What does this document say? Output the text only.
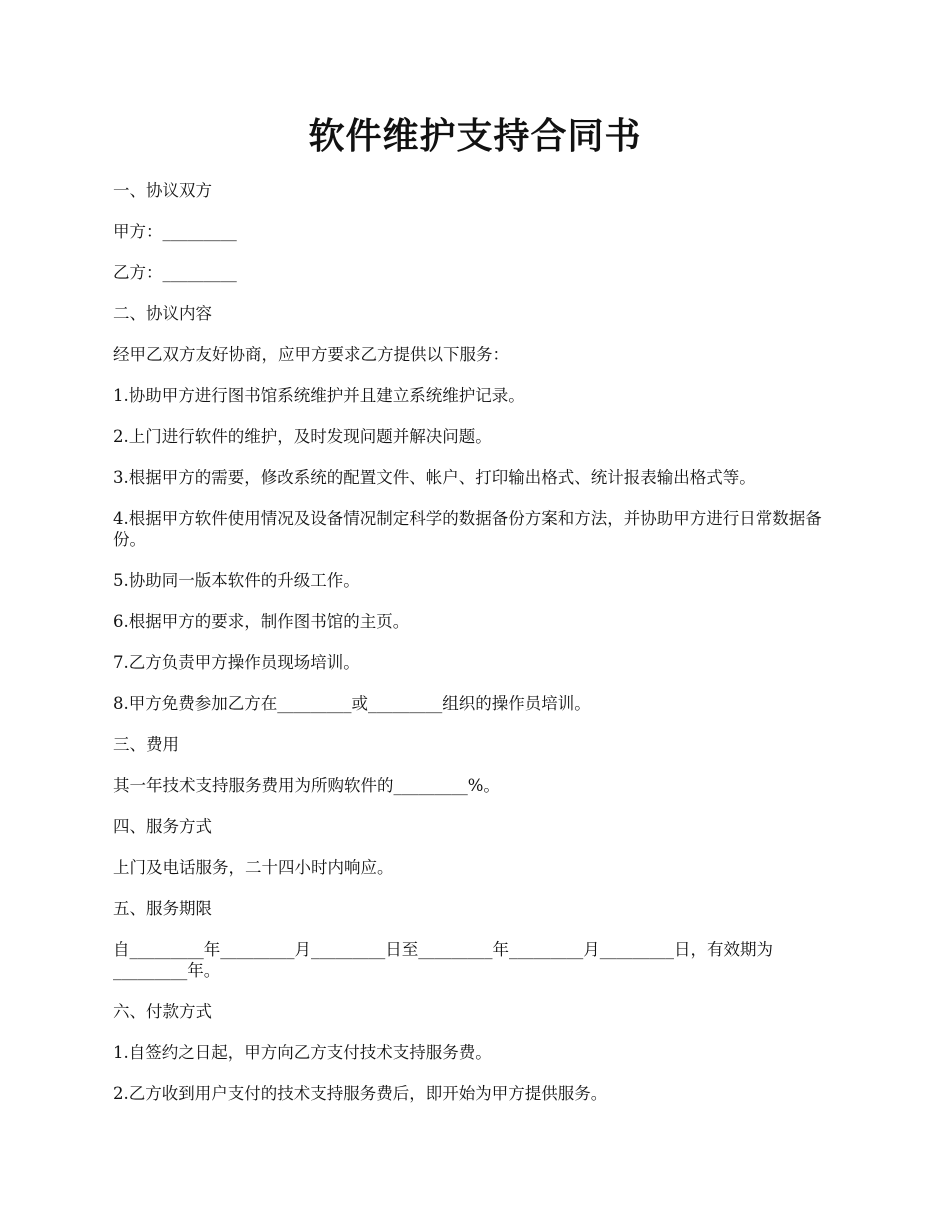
软件维护支持合同书

一、协议双方

甲方：_________

乙方：_________

二、协议内容

经甲乙双方友好协商，应甲方要求乙方提供以下服务：

1.协助甲方进行图书馆系统维护并且建立系统维护记录。

2.上门进行软件的维护，及时发现问题并解决问题。

3.根据甲方的需要，修改系统的配置文件、帐户、打印输出格式、统计报表输出格式等。

4.根据甲方软件使用情况及设备情况制定科学的数据备份方案和方法，并协助甲方进行日常数据备份。

5.协助同一版本软件的升级工作。

6.根据甲方的要求，制作图书馆的主页。

7.乙方负责甲方操作员现场培训。

8.甲方免费参加乙方在_________或_________组织的操作员培训。

三、费用

其一年技术支持服务费用为所购软件的_________%。

四、服务方式

上门及电话服务，二十四小时内响应。

五、服务期限

自_________年_________月_________日至_________年_________月_________日，有效期为_________年。

六、付款方式

1.自签约之日起，甲方向乙方支付技术支持服务费。

2.乙方收到用户支付的技术支持服务费后，即开始为甲方提供服务。
